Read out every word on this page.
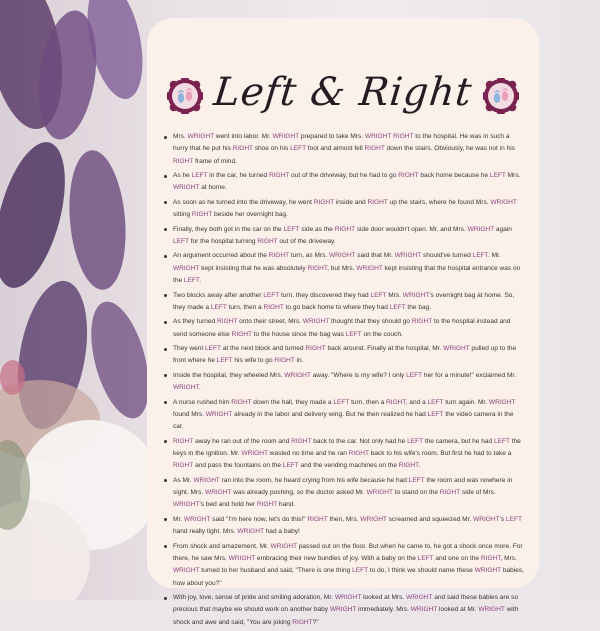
Left & Right
Mrs. WRIGHT went into labor. Mr. WRIGHT prepared to take Mrs. WRIGHT RIGHT to the hospital. He was in such a hurry that he put his RIGHT shoe on his LEFT foot and almost fell RIGHT down the stairs. Obviously, he was not in his RIGHT frame of mind.
As he LEFT in the car, he turned RIGHT out of the driveway, but he had to go RIGHT back home because he LEFT Mrs. WRIGHT at home.
As soon as he turned into the driveway, he went RIGHT inside and RIGHT up the stairs, where he found Mrs. WRIGHT sitting RIGHT beside her overnight bag.
Finally, they both got in the car on the LEFT side as the RIGHT side door wouldn't open. Mr. and Mrs. WRIGHT again LEFT for the hospital turning RIGHT out of the driveway.
An argument occurred about the RIGHT turn, as Mrs. WRIGHT said that Mr. WRIGHT should've turned LEFT. Mr. WRIGHT kept insisting that he was absolutely RIGHT, but Mrs. WRIGHT kept insisting that the hospital entrance was on the LEFT.
Two blocks away after another LEFT turn, they discovered they had LEFT Mrs. WRIGHT's overnight bag at home. So, they made a LEFT turn, then a RIGHT to go back home to where they had LEFT the bag.
As they turned RIGHT onto their street, Mrs. WRIGHT thought that they should go RIGHT to the hospital instead and send someone else RIGHT to the house since the bag was LEFT on the couch.
They went LEFT at the next block and turned RIGHT back around. Finally at the hospital, Mr. WRIGHT pulled up to the front where he LEFT his wife to go RIGHT in.
Inside the hospital, they wheeled Mrs. WRIGHT away. "Where is my wife? I only LEFT her for a minute!" exclaimed Mr. WRIGHT.
A nurse rushed him RIGHT down the hall, they made a LEFT turn, then a RIGHT, and a LEFT turn again. Mr. WRIGHT found Mrs. WRIGHT already in the labor and delivery wing. But he then realized he had LEFT the video camera in the car.
RIGHT away he ran out of the room and RIGHT back to the car. Not only had he LEFT the camera, but he had LEFT the keys in the ignition. Mr. WRIGHT wasted no time and he ran RIGHT back to his wife's room. But first he had to take a RIGHT and pass the fountains on the LEFT and the vending machines on the RIGHT.
As Mr. WRIGHT ran into the room, he heard crying from his wife because he had LEFT the room and was nowhere in sight. Mrs. WRIGHT was already pushing, so the doctor asked Mr. WRIGHT to stand on the RIGHT side of Mrs. WRIGHT's bed and hold her RIGHT hand.
Mr. WRIGHT said "I'm here now, let's do this!" RIGHT then, Mrs. WRIGHT screamed and squeezed Mr. WRIGHT's LEFT hand really tight. Mrs. WRIGHT had a baby!
From shock and amazement, Mr. WRIGHT passed out on the floor. But when he came to, he got a shock once more. For there, he saw Mrs. WRIGHT embracing their new bundles of joy. With a baby on the LEFT and one on the RIGHT, Mrs. WRIGHT turned to her husband and said, "There is one thing LEFT to do, I think we should name these WRIGHT babies, how about you?"
With joy, love, sense of pride and smiling adoration, Mr. WRIGHT looked at Mrs. WRIGHT and said these babies are so precious that maybe we should work on another baby WRIGHT immediately. Mrs. WRIGHT looked at Mr. WRIGHT with shock and awe and said, "You are joking RIGHT?"
